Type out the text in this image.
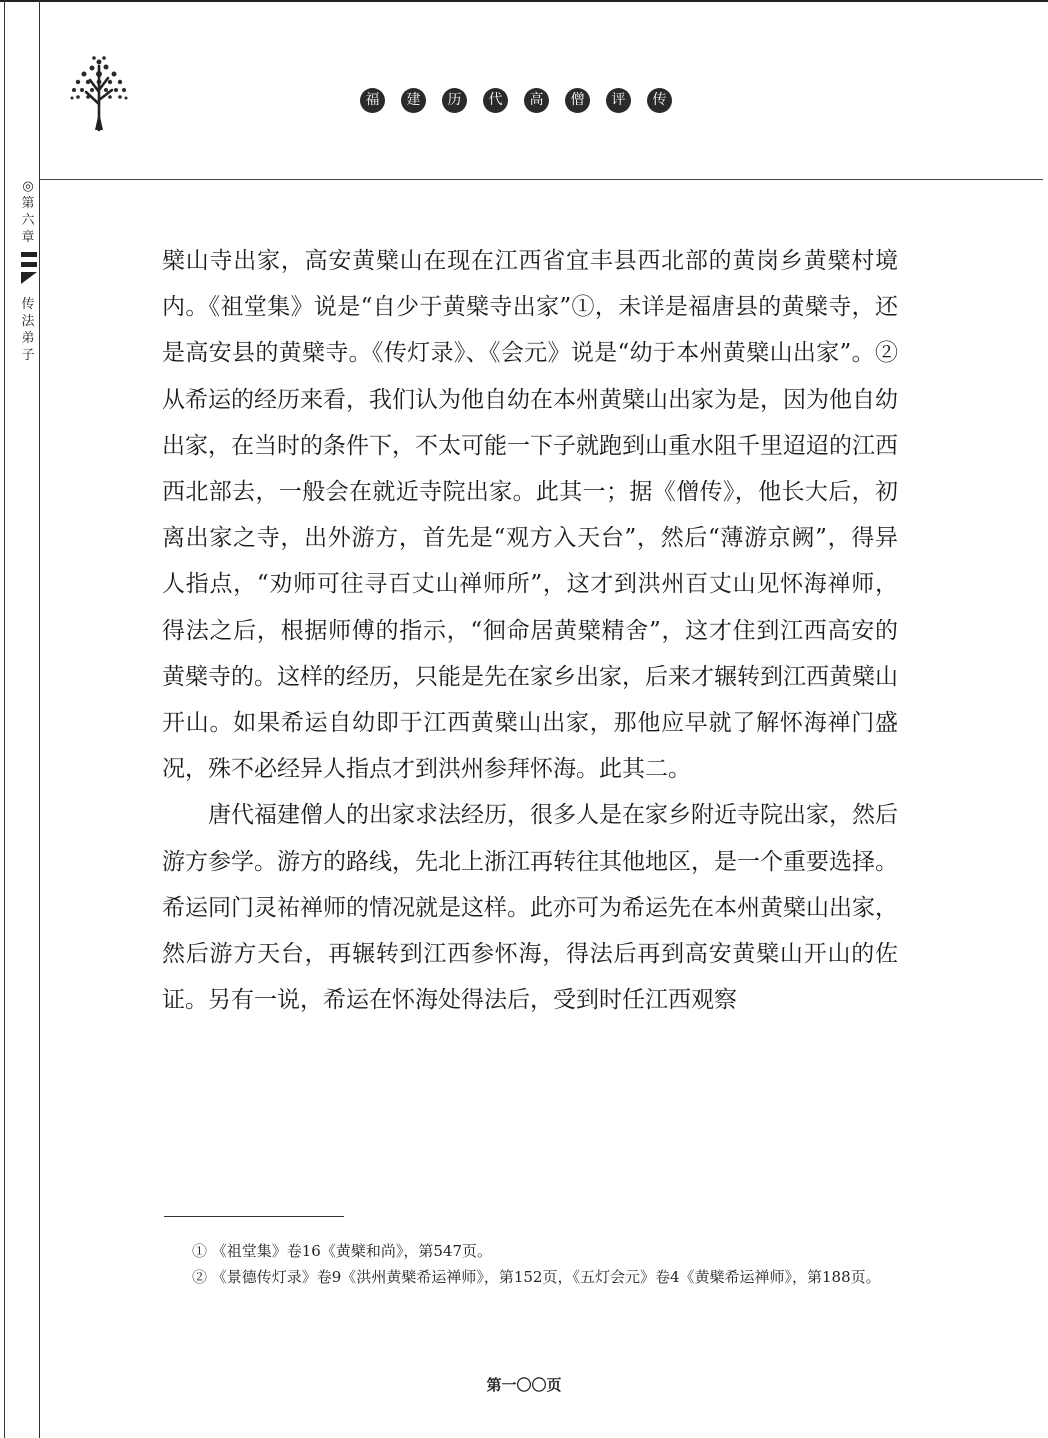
福	建	历	代	高	僧	评	传
◎
第
六
章
传
法
弟
子

檗山寺出家，高安黄檗山在现在江西省宜丰县西北部的黄岗乡黄檗村境内。《祖堂集》说是“自少于黄檗寺出家”①，未详是福唐县的黄檗寺，还是高安县的黄檗寺。《传灯录》、《会元》说是“幼于本州黄檗山出家”。② 从希运的经历来看，我们认为他自幼在本州黄檗山出家为是，因为他自幼出家，在当时的条件下，不太可能一下子就跑到山重水阻千里迢迢的江西西北部去，一般会在就近寺院出家。此其一；据《僧传》，他长大后，初离出家之寺，出外游方，首先是“观方入天台”，然后“薄游京阙”，得异人指点，“劝师可往寻百丈山禅师所”，这才到洪州百丈山见怀海禅师，得法之后，根据师傅的指示，“徊命居黄檗精舍”，这才住到江西高安的黄檗寺的。这样的经历，只能是先在家乡出家，后来才辗转到江西黄檗山开山。如果希运自幼即于江西黄檗山出家，那他应早就了解怀海禅门盛况，殊不必经异人指点才到洪州参拜怀海。此其二。

唐代福建僧人的出家求法经历，很多人是在家乡附近寺院出家，然后游方参学。游方的路线，先北上浙江再转往其他地区，是一个重要选择。希运同门灵祐禅师的情况就是这样。此亦可为希运先在本州黄檗山出家，然后游方天台，再辗转到江西参怀海，得法后再到高安黄檗山开山的佐证。另有一说，希运在怀海处得法后，受到时任江西观察

① 《祖堂集》卷16《黄檗和尚》，第547页。

② 《景德传灯录》卷9《洪州黄檗希运禅师》，第152页，《五灯会元》卷4《黄檗希运禅师》，第188页。

第一〇〇页
